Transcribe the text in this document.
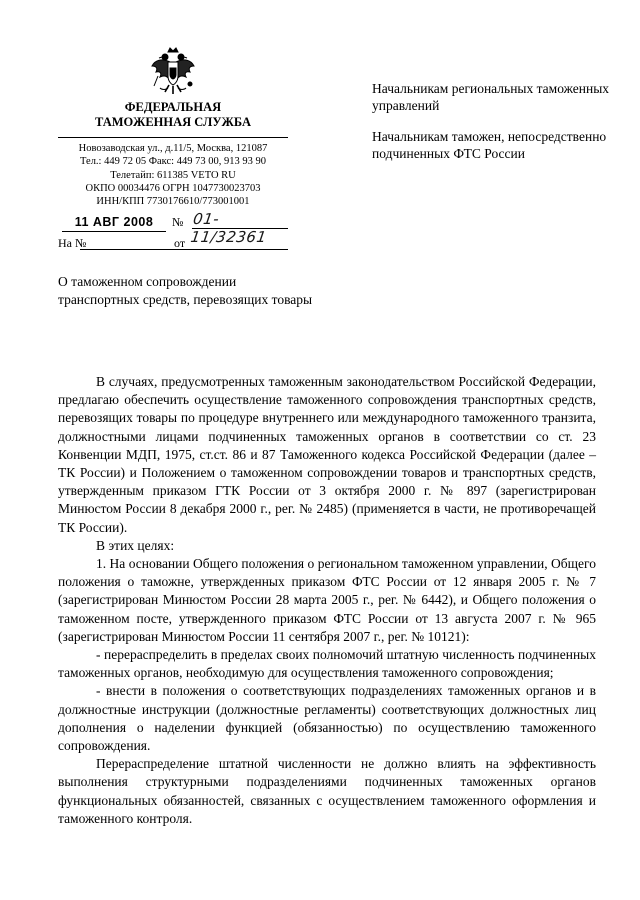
ФЕДЕРАЛЬНАЯ
ТАМОЖЕННАЯ СЛУЖБА
Новозаводская ул., д.11/5, Москва, 121087
Тел.: 449 72 05 Факс: 449 73 00, 913 93 90
Телетайп: 611385 VETO RU
ОКПО 00034476 ОГРН 1047730023703
ИНН/КПП 7730176610/773001001
11 АВГ 2008	№ 01-11/32361
На №	от

Начальникам региональных таможенных управлений

Начальникам таможен, непосредственно подчиненных ФТС России

О таможенном сопровождении транспортных средств, перевозящих товары

В случаях, предусмотренных таможенным законодательством Российской Федерации, предлагаю обеспечить осуществление таможенного сопровождения транспортных средств, перевозящих товары по процедуре внутреннего или международного таможенного транзита, должностными лицами подчиненных таможенных органов в соответствии со ст. 23 Конвенции МДП, 1975, ст.ст. 86 и 87 Таможенного кодекса Российской Федерации (далее – ТК России) и Положением о таможенном сопровождении товаров и транспортных средств, утвержденным приказом ГТК России от 3 октября 2000 г. № 897 (зарегистрирован Минюстом России 8 декабря 2000 г., рег. № 2485) (применяется в части, не противоречащей ТК России).

В этих целях:

1. На основании Общего положения о региональном таможенном управлении, Общего положения о таможне, утвержденных приказом ФТС России от 12 января 2005 г. № 7 (зарегистрирован Минюстом России 28 марта 2005 г., рег. № 6442), и Общего положения о таможенном посте, утвержденного приказом ФТС России от 13 августа 2007 г. № 965 (зарегистрирован Минюстом России 11 сентября 2007 г., рег. № 10121):

- перераспределить в пределах своих полномочий штатную численность подчиненных таможенных органов, необходимую для осуществления таможенного сопровождения;

- внести в положения о соответствующих подразделениях таможенных органов и в должностные инструкции (должностные регламенты) соответствующих должностных лиц дополнения о наделении функцией (обязанностью) по осуществлению таможенного сопровождения.

Перераспределение штатной численности не должно влиять на эффективность выполнения структурными подразделениями подчиненных таможенных органов функциональных обязанностей, связанных с осуществлением таможенного оформления и таможенного контроля.
